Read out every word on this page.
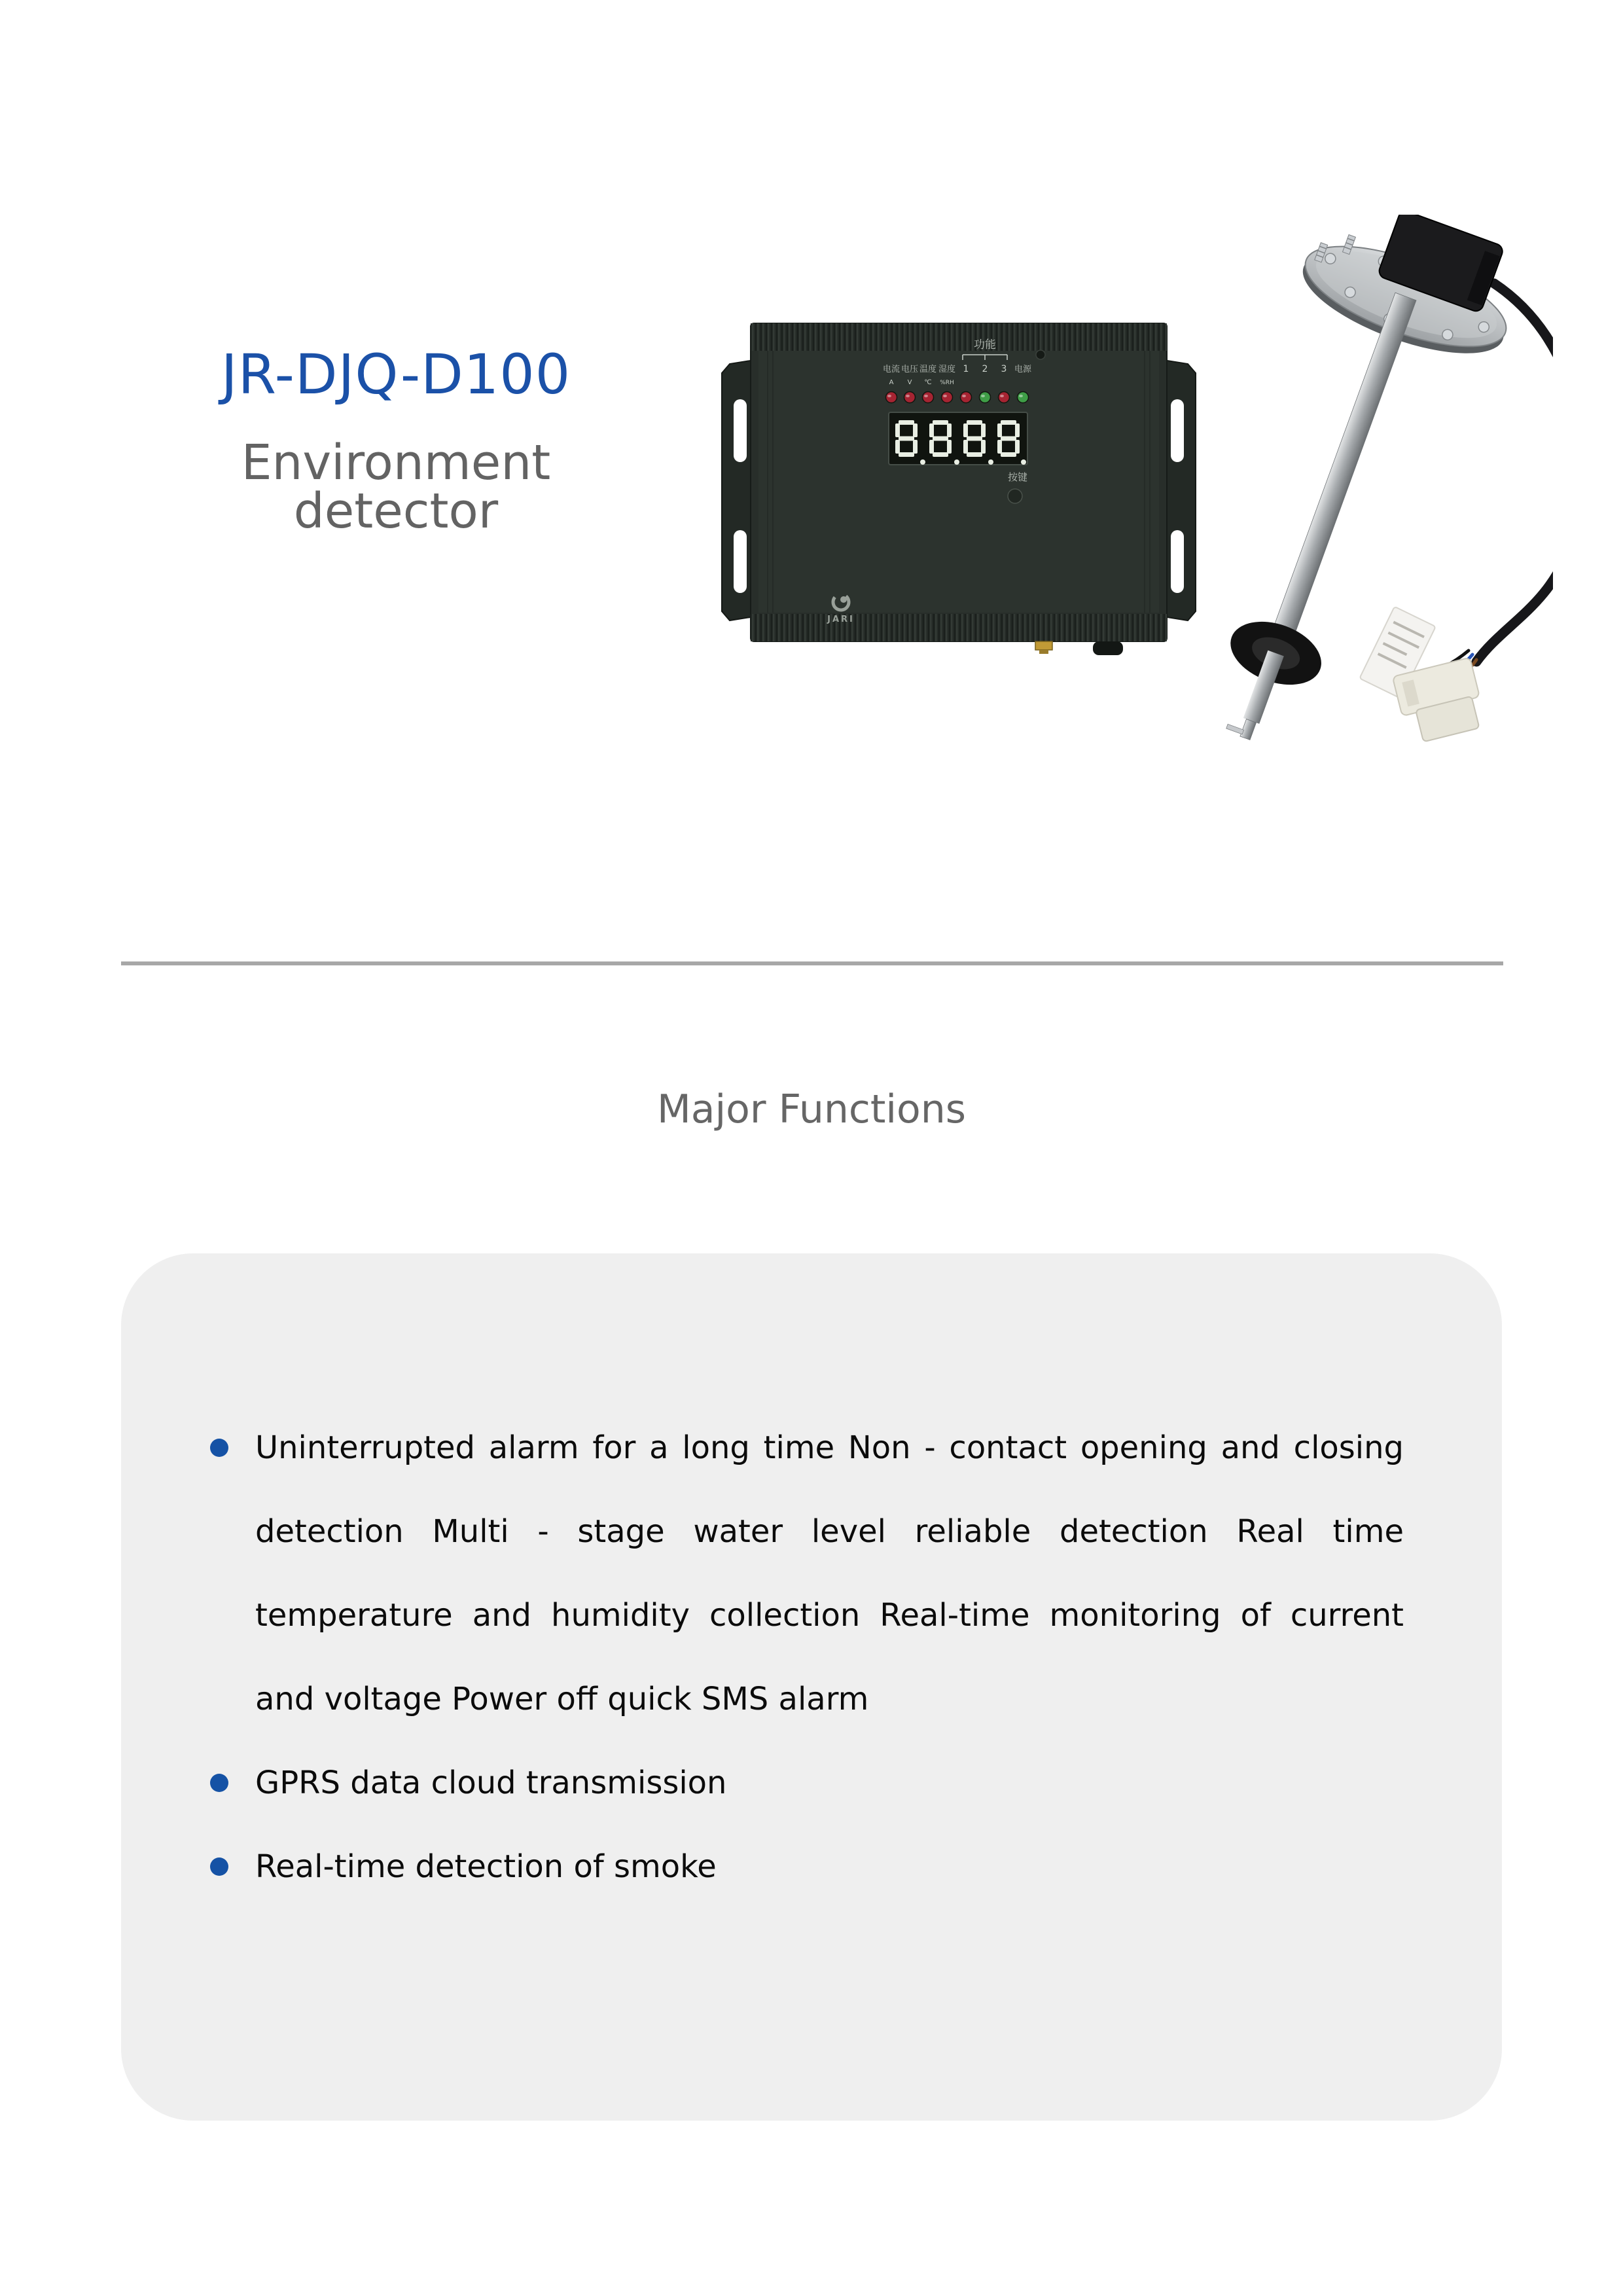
JR-DJQ-D100
Environment detector
功能
电流 电压 温度 湿度 1 2 3 电源
A V ℃ %RH
按键
JARI
Major Functions
Uninterrupted alarm for a long time Non - contact opening and closing detection Multi - stage water level reliable detection Real time temperature and humidity collection Real-time monitoring of current and voltage Power off quick SMS alarm
GPRS data cloud transmission
Real-time detection of smoke
